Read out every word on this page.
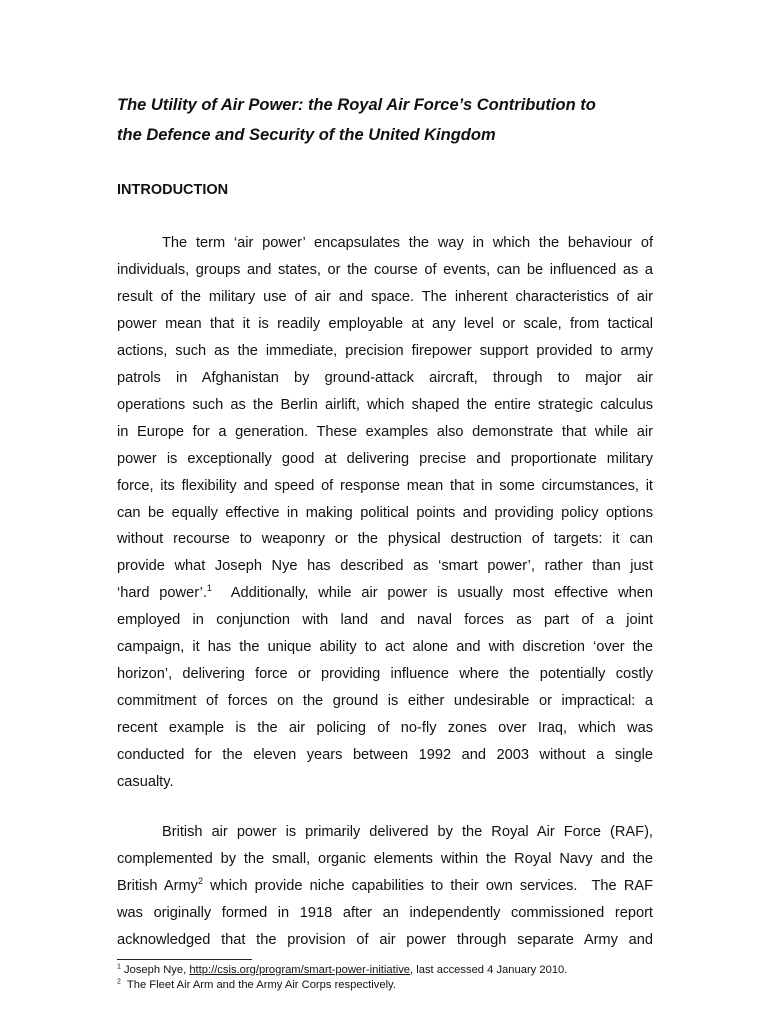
The Utility of Air Power: the Royal Air Force’s Contribution to
the Defence and Security of the United Kingdom
INTRODUCTION

The term ‘air power’ encapsulates the way in which the behaviour of
individuals, groups and states, or the course of events, can be influenced as a
result of the military use of air and space. The inherent characteristics of air
power mean that it is readily employable at any level or scale, from tactical
actions, such as the immediate, precision firepower support provided to army
patrols in Afghanistan by ground-attack aircraft, through to major air
operations such as the Berlin airlift, which shaped the entire strategic calculus
in Europe for a generation. These examples also demonstrate that while air
power is exceptionally good at delivering precise and proportionate military
force, its flexibility and speed of response mean that in some circumstances, it
can be equally effective in making political points and providing policy options
without recourse to weaponry or the physical destruction of targets: it can
provide what Joseph Nye has described as ‘smart power’, rather than just
‘hard power’.$^1$  Additionally, while air power is usually most effective when
employed in conjunction with land and naval forces as part of a joint
campaign, it has the unique ability to act alone and with discretion ‘over the
horizon’, delivering force or providing influence where the potentially costly
commitment of forces on the ground is either undesirable or impractical: a
recent example is the air policing of no-fly zones over Iraq, which was
conducted for the eleven years between 1992 and 2003 without a single
casualty.

British air power is primarily delivered by the Royal Air Force (RAF),
complemented by the small, organic elements within the Royal Navy and the
British Army$^2$ which provide niche capabilities to their own services.  The RAF
was originally formed in 1918 after an independently commissioned report
acknowledged that the provision of air power through separate Army and

$^1$ Joseph Nye, http://csis.org/program/smart-power-initiative, last accessed 4 January 2010.
$^2$  The Fleet Air Arm and the Army Air Corps respectively.
